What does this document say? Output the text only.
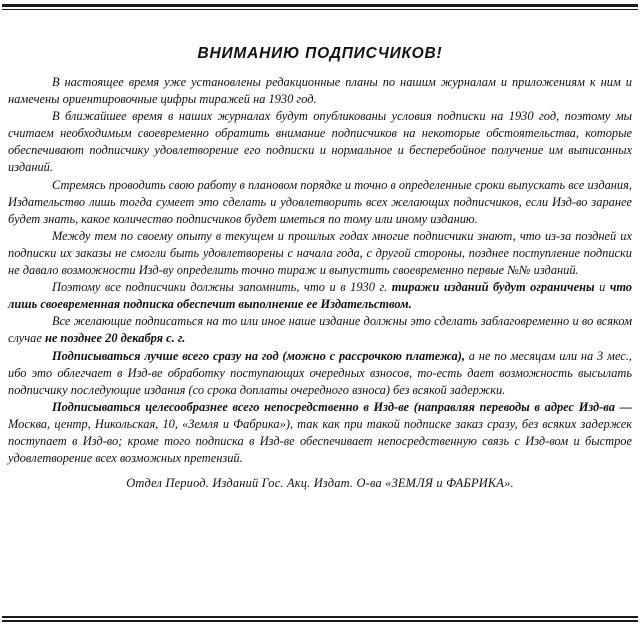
ВНИМАНИЮ ПОДПИСЧИКОВ!

В настоящее время уже установлены редакционные планы по нашим журналам и приложениям к ним и намечены ориентировочные цифры тиражей на 1930 год.

В ближайшее время в наших журналах будут опубликованы условия подписки на 1930 год, поэтому мы считаем необходимым своевременно обратить внимание подписчиков на некоторые обстоятельства, которые обеспечивают подписчику удовлетворение его подписки и нормальное и бесперебойное получение им выписанных изданий.

Стремясь проводить свою работу в плановом порядке и точно в определенные сроки выпускать все издания, Издательство лишь тогда сумеет это сделать и удовлетворить всех желающих подписчиков, если Изд-во заранее будет знать, какое количество подписчиков будет иметься по тому или иному изданию.

Между тем по своему опыту в текущем и прошлых годах многие подписчики знают, что из-за поздней их подписки их заказы не смогли быть удовлетворены с начала года, с другой стороны, позднее поступление подписки не давало возможности Изд-ву определить точно тираж и выпустить своевременно первые №№ изданий.

Поэтому все подписчики должны запомнить, что и в 1930 г. тиражи изданий будут ограничены и что лишь своевременная подписка обеспечит выполнение ее Издательством.

Все желающие подписаться на то или иное наше издание должны это сделать заблаговременно и во всяком случае не позднее 20 декабря с. г.

Подписываться лучше всего сразу на год (можно с рассрочкою платежа), а не по месяцам или на 3 мес., ибо это облегчает в Изд-ве обработку поступающих очередных взносов, то-есть дает возможность высылать подписчику последующие издания (со срока доплаты очередного взноса) без всякой задержки.

Подписываться целесообразнее всего непосредственно в Изд-ве (направляя переводы в адрес Изд-ва — Москва, центр, Никольская, 10, «Земля и Фабрика»), так как при такой подписке заказ сразу, без всяких задержек поступает в Изд-во; кроме того подписка в Изд-ве обеспечивает непосредственную связь с Изд-вом и быстрое удовлетворение всех возможных претензий.

Отдел Период. Изданий Гос. Акц. Издат. О-ва «ЗЕМЛЯ и ФАБРИКА».
